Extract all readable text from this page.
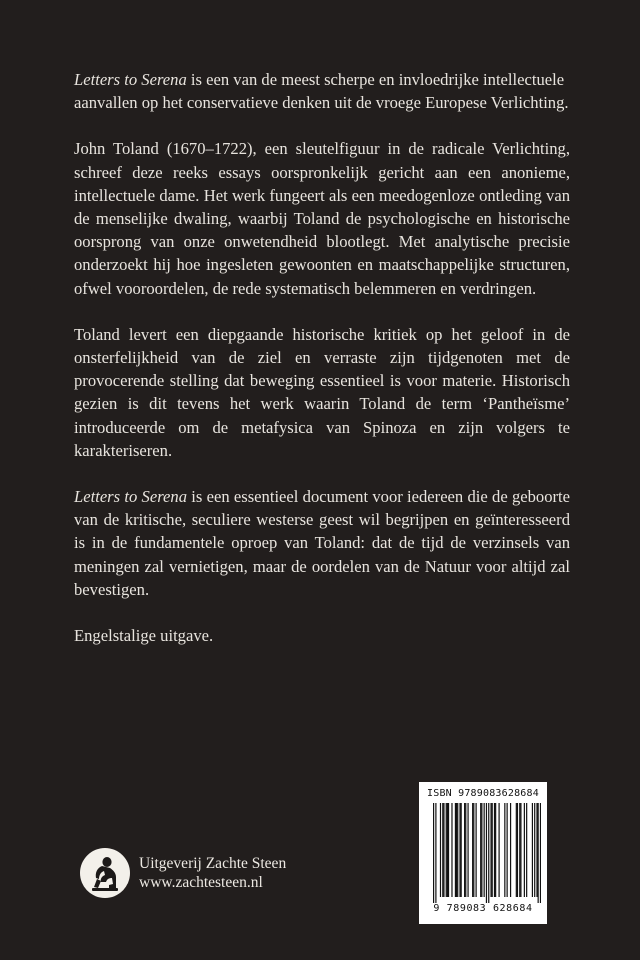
Letters to Serena is een van de meest scherpe en invloedrijke intellectuele aanvallen op het conservatieve denken uit de vroege Europese Verlichting.

John Toland (1670–1722), een sleutelfiguur in de radicale Verlichting, schreef deze reeks essays oorspronkelijk gericht aan een anonieme, intellectuele dame. Het werk fungeert als een meedogenloze ontleding van de menselijke dwaling, waarbij Toland de psychologische en historische oorsprong van onze onwetendheid blootlegt. Met analytische precisie onderzoekt hij hoe ingesleten gewoonten en maatschappelijke structuren, ofwel vooroordelen, de rede systematisch belemmeren en verdringen.

Toland levert een diepgaande historische kritiek op het geloof in de onsterfelijkheid van de ziel en verraste zijn tijdgenoten met de provocerende stelling dat beweging essentieel is voor materie. Historisch gezien is dit tevens het werk waarin Toland de term ‘Pantheïsme’ introduceerde om de metafysica van Spinoza en zijn volgers te karakteriseren.

Letters to Serena is een essentieel document voor iedereen die de geboorte van de kritische, seculiere westerse geest wil begrijpen en geïnteresseerd is in de fundamentele oproep van Toland: dat de tijd de verzinsels van meningen zal vernietigen, maar de oordelen van de Natuur voor altijd zal bevestigen.

Engelstalige uitgave.

Uitgeverij Zachte Steen
www.zachtesteen.nl
ISBN 9789083628684
9 789083 628684
